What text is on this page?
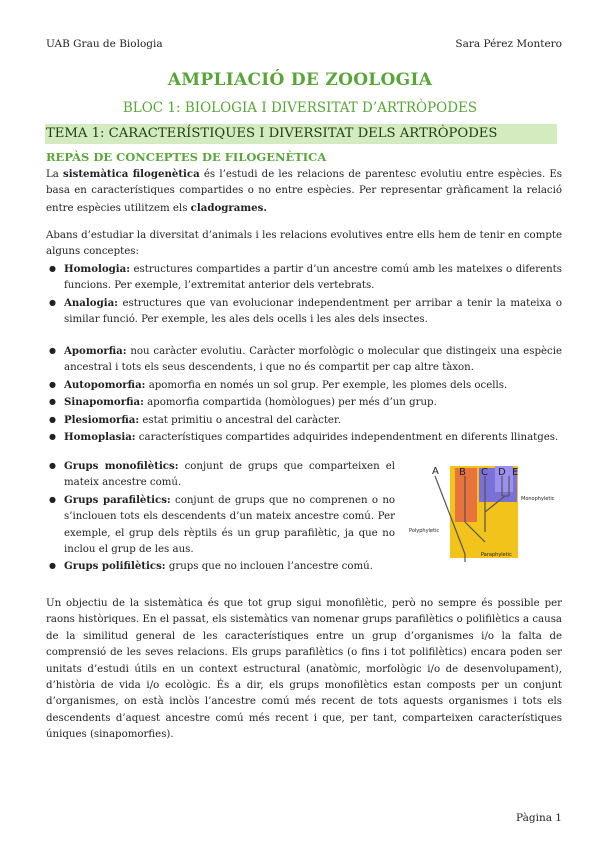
UAB Grau de Biologia	Sara Pérez Montero
AMPLIACIÓ DE ZOOLOGIA
BLOC 1: BIOLOGIA I DIVERSITAT D’ARTRÒPODES
TEMA 1: CARACTERÍSTIQUES I DIVERSITAT DELS ARTRÒPODES
REPÀS DE CONCEPTES DE FILOGENÈTICA
La sistemàtica filogenètica és l’estudi de les relacions de parentesc evolutiu entre espècies. Es basa en característiques compartides o no entre espècies. Per representar gràficament la relació entre espècies utilitzem els cladogrames.
Abans d’estudiar la diversitat d’animals i les relacions evolutives entre ells hem de tenir en compte alguns conceptes:
● Homologia: estructures compartides a partir d’un ancestre comú amb les mateixes o diferents funcions. Per exemple, l’extremitat anterior dels vertebrats.
● Analogia: estructures que van evolucionar independentment per arribar a tenir la mateixa o similar funció. Per exemple, les ales dels ocells i les ales dels insectes.
● Apomorfia: nou caràcter evolutiu. Caràcter morfològic o molecular que distingeix una espècie ancestral i tots els seus descendents, i que no és compartit per cap altre tàxon.
● Autopomorfia: apomorfia en només un sol grup. Per exemple, les plomes dels ocells.
● Sinapomorfia: apomorfia compartida (homòlogues) per més d’un grup.
● Plesiomorfia: estat primitiu o ancestral del caràcter.
● Homoplasia: característiques compartides adquirides independentment en diferents llinatges.
● Grups monofilètics: conjunt de grups que comparteixen el mateix ancestre comú.
● Grups parafilètics: conjunt de grups que no comprenen o no s’inclouen tots els descendents d’un mateix ancestre comú. Per exemple, el grup dels rèptils és un grup parafilètic, ja que no inclou el grup de les aus.
● Grups polifilètics: grups que no inclouen l’ancestre comú.
A B C D E
Monophyletic
Polyphyletic
Paraphyletic
Un objectiu de la sistemàtica és que tot grup sigui monofilètic, però no sempre és possible per raons històriques. En el passat, els sistemàtics van nomenar grups parafilètics o polifilètics a causa de la similitud general de les característiques entre un grup d’organismes i/o la falta de comprensió de les seves relacions. Els grups parafilètics (o fins i tot polifilètics) encara poden ser unitats d’estudi útils en un context estructural (anatòmic, morfològic i/o de desenvolupament), d’història de vida i/o ecològic. És a dir, els grups monofilètics estan composts per un conjunt d’organismes, on està inclòs l’ancestre comú més recent de tots aquests organismes i tots els descendents d’aquest ancestre comú més recent i que, per tant, comparteixen característiques úniques (sinapomorfies).
Pàgina 1
